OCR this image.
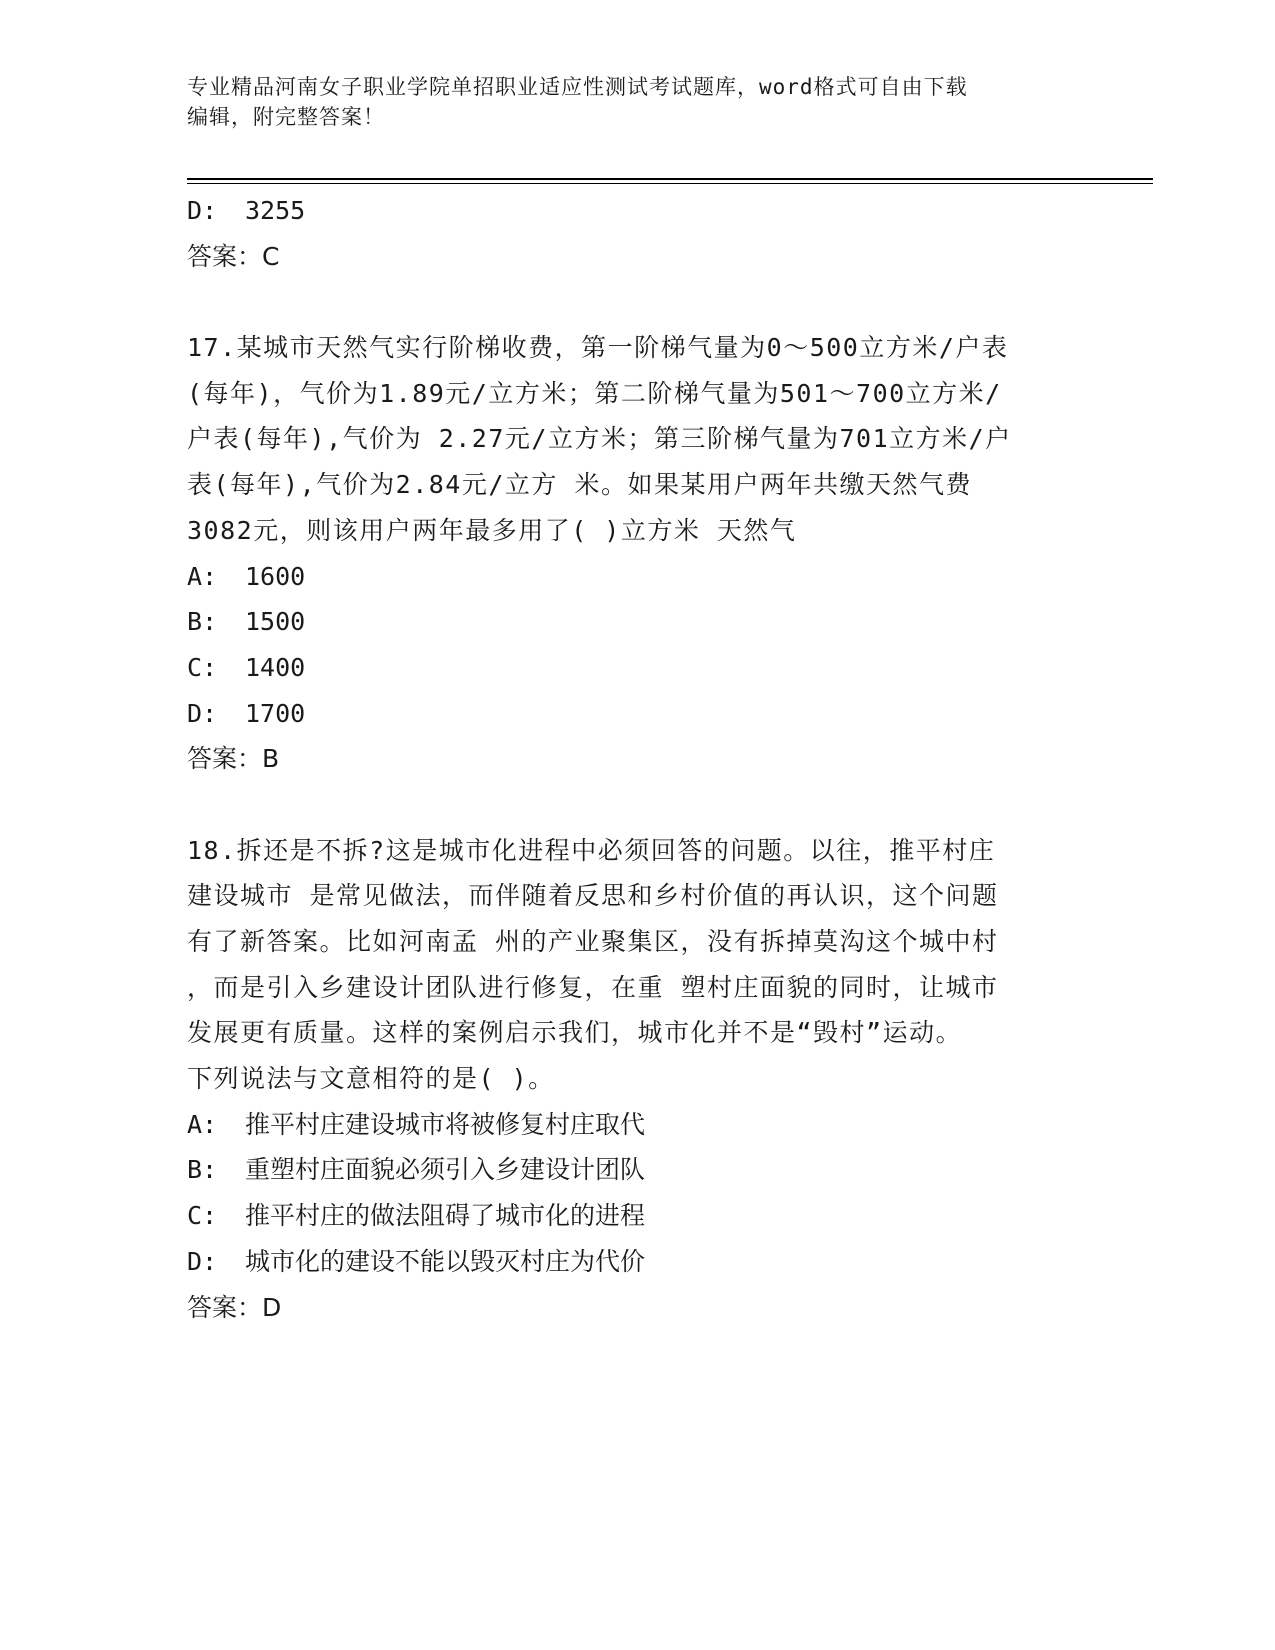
专业精品河南女子职业学院单招职业适应性测试考试题库，word格式可自由下载
编辑，附完整答案！
D: 3255
答案：C
17.某城市天然气实行阶梯收费，第一阶梯气量为0～500立方米/户表
(每年)，气价为1.89元/立方米；第二阶梯气量为501～700立方米/
户表(每年),气价为 2.27元/立方米；第三阶梯气量为701立方米/户
表(每年),气价为2.84元/立方 米。如果某用户两年共缴天然气费
3082元，则该用户两年最多用了( )立方米 天然气
A: 1600
B: 1500
C: 1400
D: 1700
答案：B
18.拆还是不拆?这是城市化进程中必须回答的问题。以往，推平村庄
建设城市 是常见做法，而伴随着反思和乡村价值的再认识，这个问题
有了新答案。比如河南孟 州的产业聚集区，没有拆掉莫沟这个城中村
，而是引入乡建设计团队进行修复，在重 塑村庄面貌的同时，让城市
发展更有质量。这样的案例启示我们，城市化并不是“毁村”运动。
下列说法与文意相符的是( )。
A: 推平村庄建设城市将被修复村庄取代
B: 重塑村庄面貌必须引入乡建设计团队
C: 推平村庄的做法阻碍了城市化的进程
D: 城市化的建设不能以毁灭村庄为代价
答案：D
